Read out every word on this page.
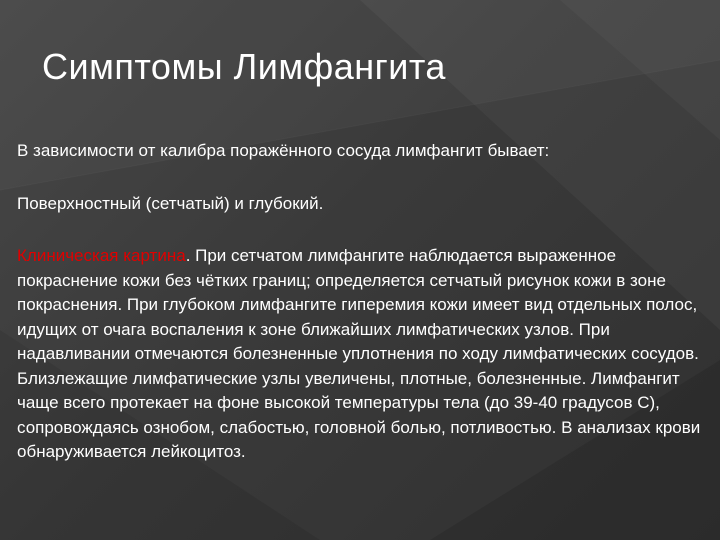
Симптомы Лимфангита

В зависимости от калибра поражённого сосуда лимфангит бывает:

Поверхностный (сетчатый) и глубокий.

Клиническая картина. При сетчатом лимфангите наблюдается выраженное покраснение кожи без чётких границ; определяется сетчатый рисунок кожи в зоне покраснения. При глубоком лимфангите гиперемия кожи имеет вид отдельных полос, идущих от очага воспаления к зоне ближайших лимфатических узлов. При надавливании отмечаются болезненные уплотнения по ходу лимфатических сосудов. Близлежащие лимфатические узлы увеличены, плотные, болезненные. Лимфангит чаще всего протекает на фоне высокой температуры тела (до 39-40 градусов С), сопровождаясь ознобом, слабостью, головной болью, потливостью. В анализах крови обнаруживается лейкоцитоз.
